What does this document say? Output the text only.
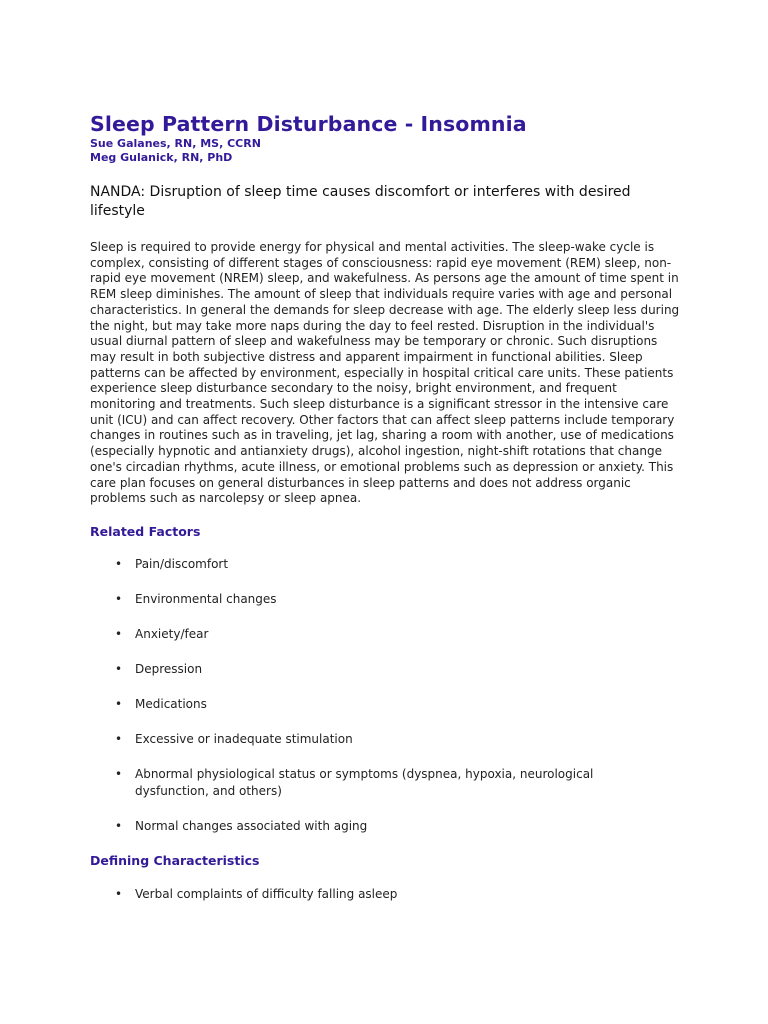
Sleep Pattern Disturbance - Insomnia

Sue Galanes, RN, MS, CCRN

Meg Gulanick, RN, PhD

NANDA: Disruption of sleep time causes discomfort or interferes with desired lifestyle

Sleep is required to provide energy for physical and mental activities. The sleep-wake cycle is complex, consisting of different stages of consciousness: rapid eye movement (REM) sleep, non-rapid eye movement (NREM) sleep, and wakefulness. As persons age the amount of time spent in REM sleep diminishes. The amount of sleep that individuals require varies with age and personal characteristics. In general the demands for sleep decrease with age. The elderly sleep less during the night, but may take more naps during the day to feel rested. Disruption in the individual's usual diurnal pattern of sleep and wakefulness may be temporary or chronic. Such disruptions may result in both subjective distress and apparent impairment in functional abilities. Sleep patterns can be affected by environment, especially in hospital critical care units. These patients experience sleep disturbance secondary to the noisy, bright environment, and frequent monitoring and treatments. Such sleep disturbance is a significant stressor in the intensive care unit (ICU) and can affect recovery. Other factors that can affect sleep patterns include temporary changes in routines such as in traveling, jet lag, sharing a room with another, use of medications (especially hypnotic and antianxiety drugs), alcohol ingestion, night-shift rotations that change one's circadian rhythms, acute illness, or emotional problems such as depression or anxiety. This care plan focuses on general disturbances in sleep patterns and does not address organic problems such as narcolepsy or sleep apnea.

Related Factors
• Pain/discomfort
• Environmental changes
• Anxiety/fear
• Depression
• Medications
• Excessive or inadequate stimulation
• Abnormal physiological status or symptoms (dyspnea, hypoxia, neurological dysfunction, and others)
• Normal changes associated with aging
Defining Characteristics
• Verbal complaints of difficulty falling asleep
